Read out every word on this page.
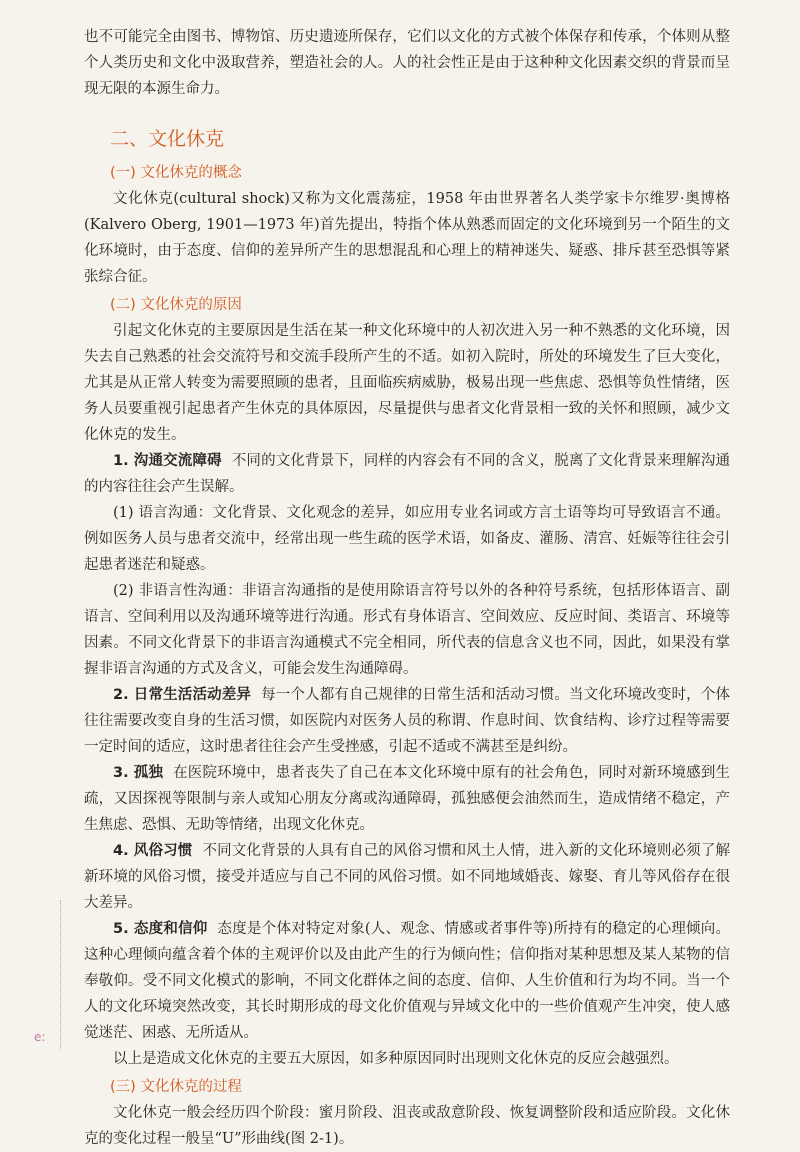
也不可能完全由图书、博物馆、历史遗迹所保存，它们以文化的方式被个体保存和传承，个体则从整个人类历史和文化中汲取营养，塑造社会的人。人的社会性正是由于这种种文化因素交织的背景而呈现无限的本源生命力。

二、文化休克
(一) 文化休克的概念

文化休克(cultural shock)又称为文化震荡症，1958 年由世界著名人类学家卡尔维罗·奥博格(Kalvero Oberg, 1901—1973 年)首先提出，特指个体从熟悉而固定的文化环境到另一个陌生的文化环境时，由于态度、信仰的差异所产生的思想混乱和心理上的精神迷失、疑惑、排斥甚至恐惧等紧张综合征。

(二) 文化休克的原因

引起文化休克的主要原因是生活在某一种文化环境中的人初次进入另一种不熟悉的文化环境，因失去自己熟悉的社会交流符号和交流手段所产生的不适。如初入院时，所处的环境发生了巨大变化，尤其是从正常人转变为需要照顾的患者，且面临疾病威胁，极易出现一些焦虑、恐惧等负性情绪，医务人员要重视引起患者产生休克的具体原因，尽量提供与患者文化背景相一致的关怀和照顾，减少文化休克的发生。

1. 沟通交流障碍 不同的文化背景下，同样的内容会有不同的含义，脱离了文化背景来理解沟通的内容往往会产生误解。

(1) 语言沟通：文化背景、文化观念的差异，如应用专业名词或方言土语等均可导致语言不通。例如医务人员与患者交流中，经常出现一些生疏的医学术语，如备皮、灌肠、清宫、妊娠等往往会引起患者迷茫和疑惑。

(2) 非语言性沟通：非语言沟通指的是使用除语言符号以外的各种符号系统，包括形体语言、副语言、空间利用以及沟通环境等进行沟通。形式有身体语言、空间效应、反应时间、类语言、环境等因素。不同文化背景下的非语言沟通模式不完全相同，所代表的信息含义也不同，因此，如果没有掌握非语言沟通的方式及含义，可能会发生沟通障碍。

2. 日常生活活动差异 每一个人都有自己规律的日常生活和活动习惯。当文化环境改变时，个体往往需要改变自身的生活习惯，如医院内对医务人员的称谓、作息时间、饮食结构、诊疗过程等需要一定时间的适应，这时患者往往会产生受挫感，引起不适或不满甚至是纠纷。

3. 孤独 在医院环境中，患者丧失了自己在本文化环境中原有的社会角色，同时对新环境感到生疏，又因探视等限制与亲人或知心朋友分离或沟通障碍，孤独感便会油然而生，造成情绪不稳定，产生焦虑、恐惧、无助等情绪，出现文化休克。

4. 风俗习惯 不同文化背景的人具有自己的风俗习惯和风土人情，进入新的文化环境则必须了解新环境的风俗习惯，接受并适应与自己不同的风俗习惯。如不同地域婚丧、嫁娶、育儿等风俗存在很大差异。

5. 态度和信仰 态度是个体对特定对象(人、观念、情感或者事件等)所持有的稳定的心理倾向。这种心理倾向蕴含着个体的主观评价以及由此产生的行为倾向性；信仰指对某种思想及某人某物的信奉敬仰。受不同文化模式的影响，不同文化群体之间的态度、信仰、人生价值和行为均不同。当一个人的文化环境突然改变，其长时期形成的母文化价值观与异域文化中的一些价值观产生冲突，使人感觉迷茫、困惑、无所适从。

以上是造成文化休克的主要五大原因，如多种原因同时出现则文化休克的反应会越强烈。

(三) 文化休克的过程

文化休克一般会经历四个阶段：蜜月阶段、沮丧或敌意阶段、恢复调整阶段和适应阶段。文化休克的变化过程一般呈“U”形曲线(图 2-1)。

e:
